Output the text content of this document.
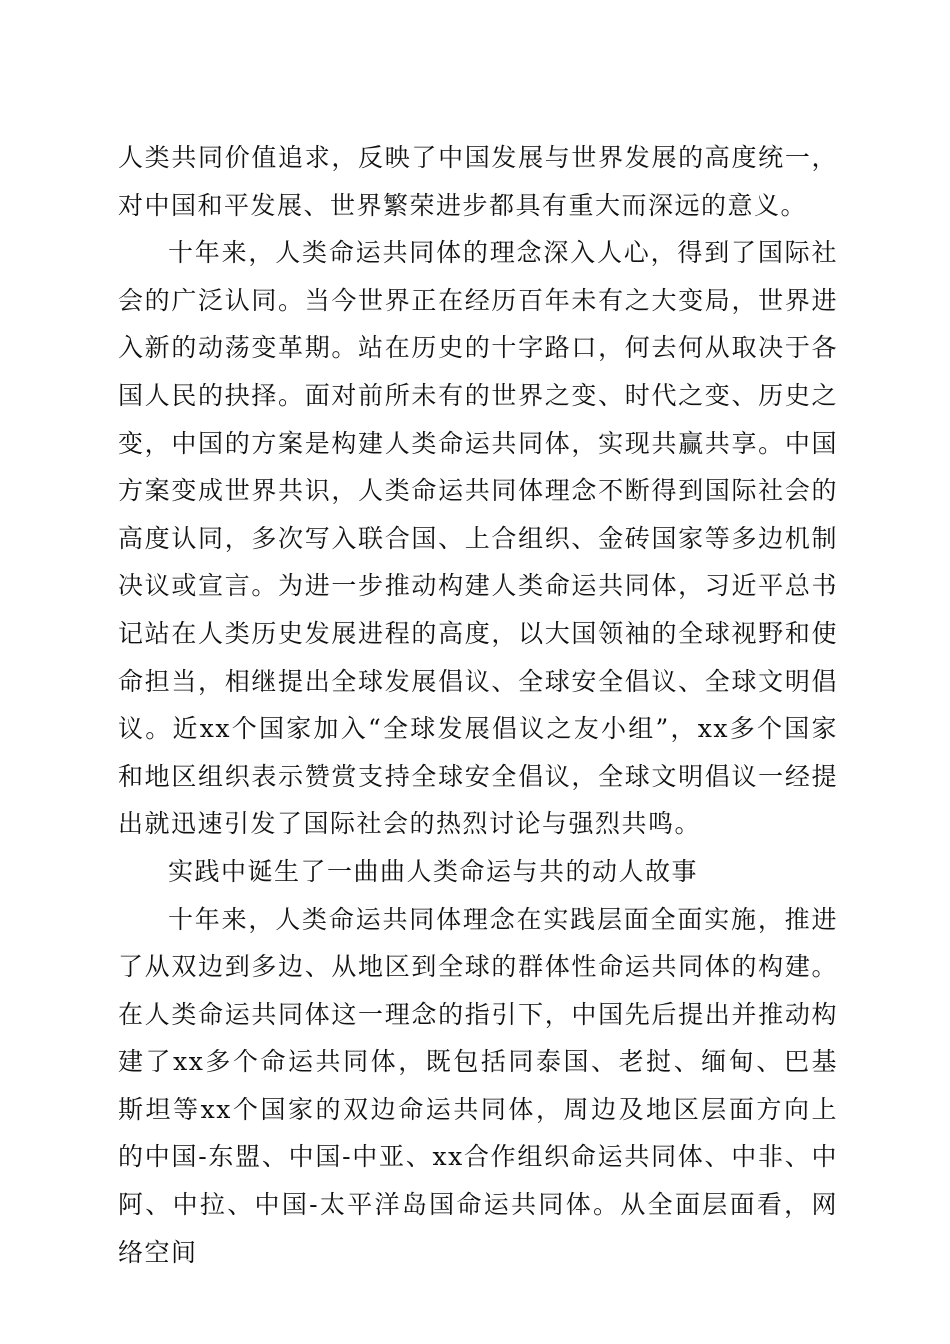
人类共同价值追求，反映了中国发展与世界发展的高度统一，对中国和平发展、世界繁荣进步都具有重大而深远的意义。

十年来，人类命运共同体的理念深入人心，得到了国际社会的广泛认同。当今世界正在经历百年未有之大变局，世界进入新的动荡变革期。站在历史的十字路口，何去何从取决于各国人民的抉择。面对前所未有的世界之变、时代之变、历史之变，中国的方案是构建人类命运共同体，实现共赢共享。中国方案变成世界共识，人类命运共同体理念不断得到国际社会的高度认同，多次写入联合国、上合组织、金砖国家等多边机制决议或宣言。为进一步推动构建人类命运共同体，习近平总书记站在人类历史发展进程的高度，以大国领袖的全球视野和使命担当，相继提出全球发展倡议、全球安全倡议、全球文明倡议。近xx个国家加入“全球发展倡议之友小组”，xx多个国家和地区组织表示赞赏支持全球安全倡议，全球文明倡议一经提出就迅速引发了国际社会的热烈讨论与强烈共鸣。

实践中诞生了一曲曲人类命运与共的动人故事

十年来，人类命运共同体理念在实践层面全面实施，推进了从双边到多边、从地区到全球的群体性命运共同体的构建。在人类命运共同体这一理念的指引下，中国先后提出并推动构建了xx多个命运共同体，既包括同泰国、老挝、缅甸、巴基斯坦等xx个国家的双边命运共同体，周边及地区层面方向上的中国-东盟、中国-中亚、xx合作组织命运共同体、中非、中阿、中拉、中国-太平洋岛国命运共同体。从全面层面看，网络空间
